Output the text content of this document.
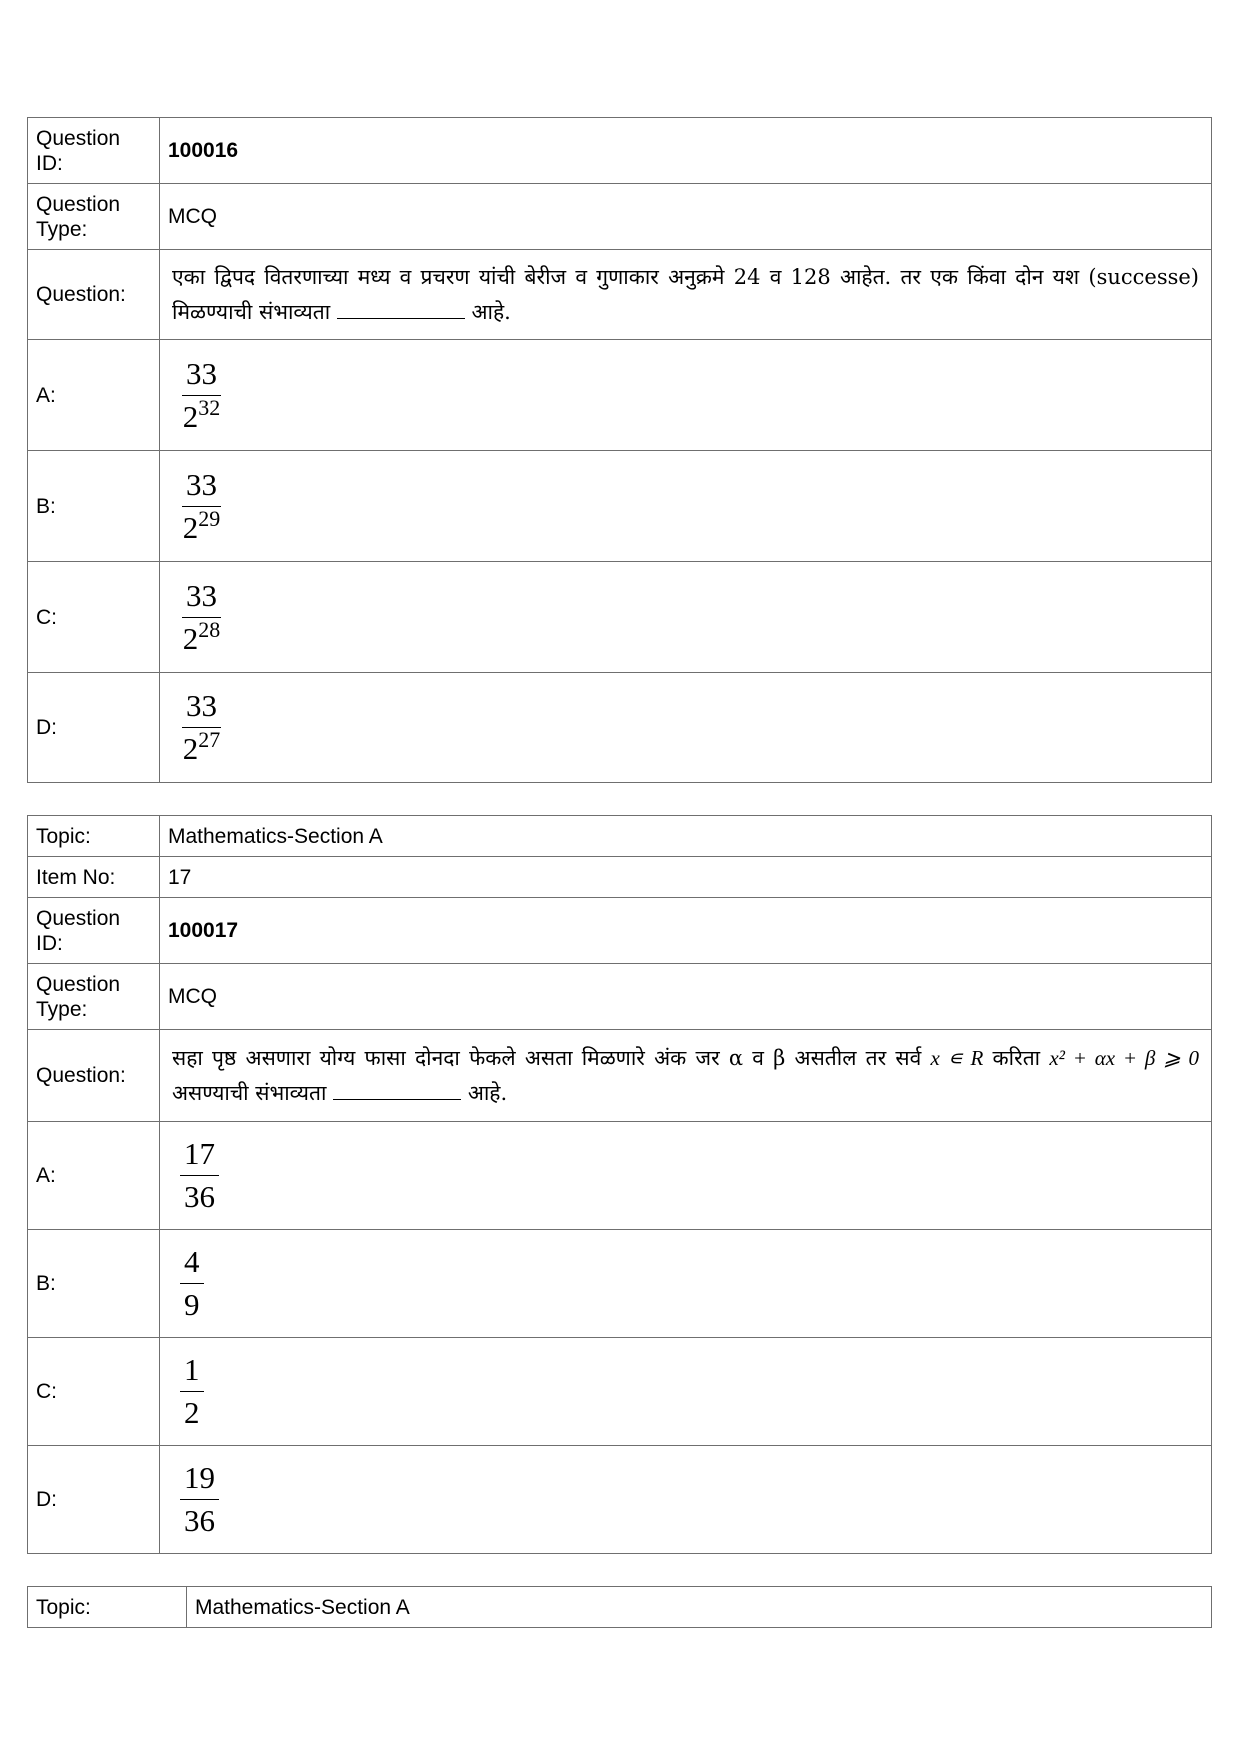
Question ID:	100016
Question Type:	MCQ
Question:	एका द्विपद वितरणाच्या मध्य व प्रचरण यांची बेरीज व गुणाकार अनुक्रमे 24 व 128 आहेत. तर एक किंवा दोन यश (successe) मिळण्याची संभाव्यता आहे.

A:	$\frac{33}{2^{32}}$

B:	$\frac{33}{2^{29}}$

C:	$\frac{33}{2^{28}}$

D:	$\frac{33}{2^{27}}$
Topic:	Mathematics-Section A
Item No:	17
Question ID:	100017
Question Type:	MCQ
Question:	सहा पृष्ठ असणारा योग्य फासा दोनदा फेकले असता मिळणारे अंक जर α व β असतील तर सर्व x ∊ R करिता x² + αx + β ⩾ 0 असण्याची संभाव्यता आहे.

A:	$\frac{17}{36}$

B:	$\frac{4}{9}$

C:	$\frac{1}{2}$

D:	$\frac{19}{36}$
Topic:	Mathematics-Section A
